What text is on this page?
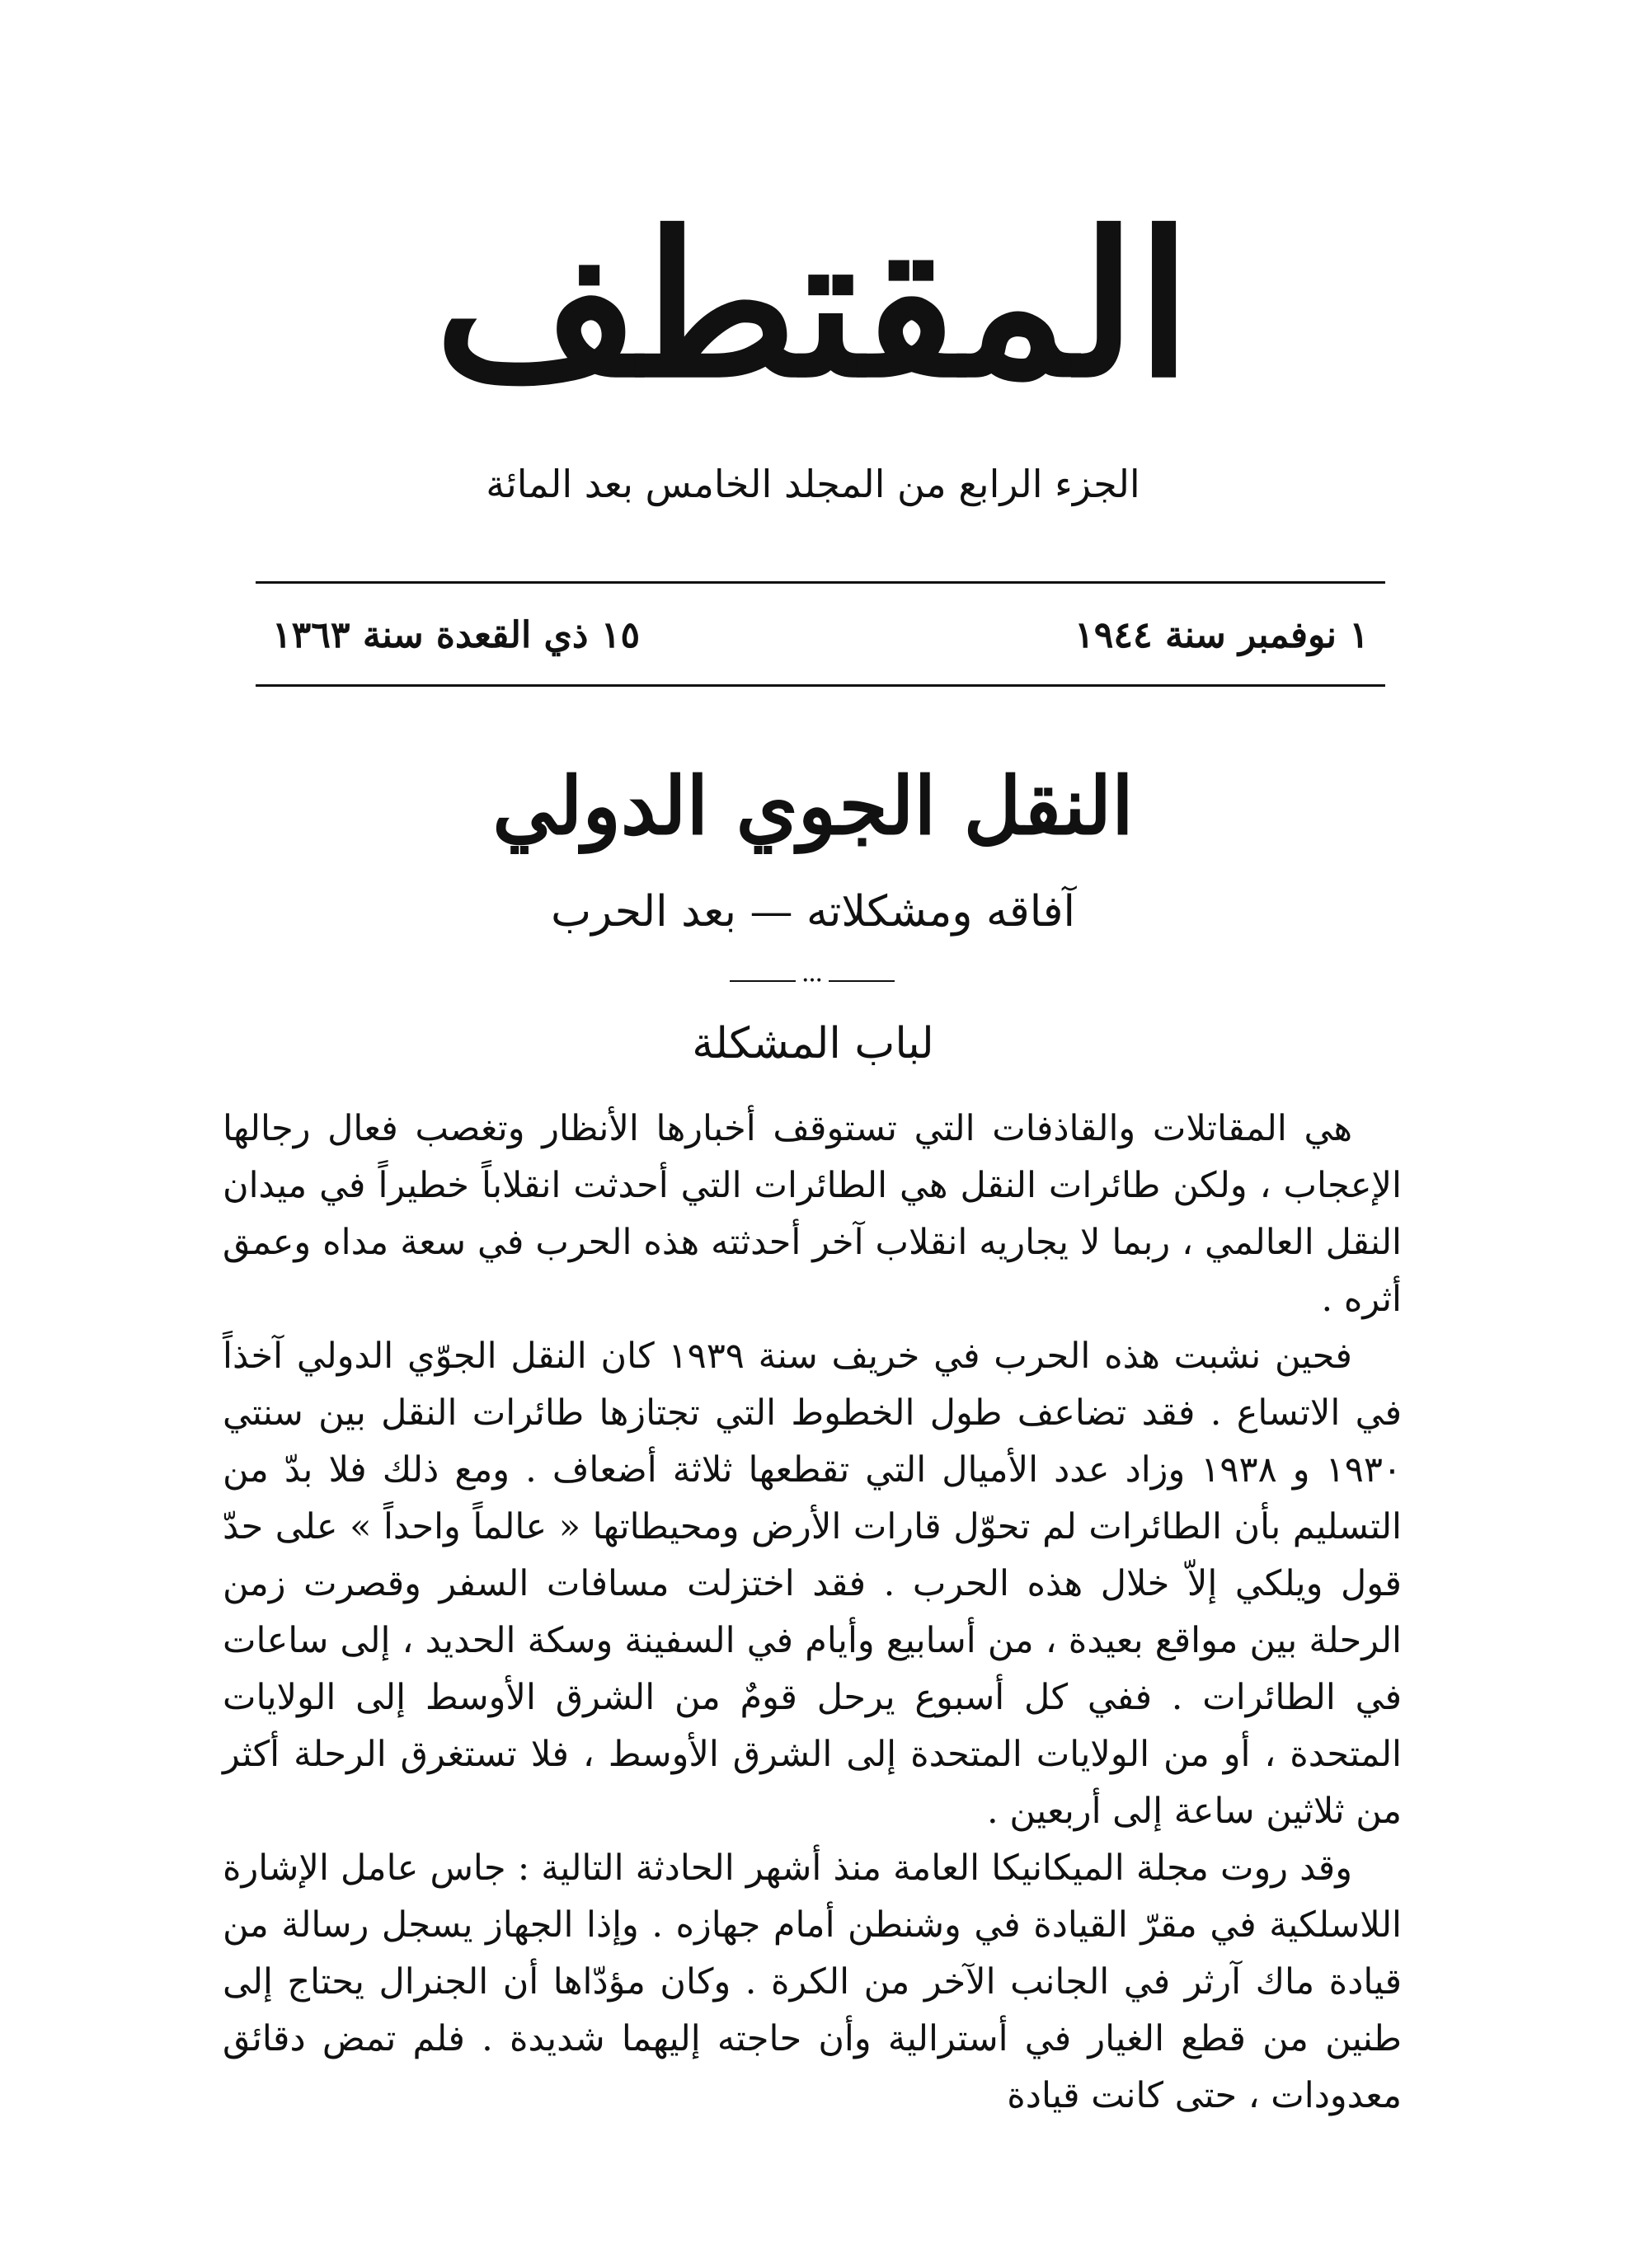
المقتطف
الجزء الرابع من المجلد الخامس بعد المائة
١ نوفمبر سنة ١٩٤٤
١٥ ذي القعدة سنة ١٣٦٣
النقل الجوي الدولي
آفاقه ومشكلاته — بعد الحرب
•••
لباب المشكلة

هي المقاتلات والقاذفات التي تستوقف أخبارها الأنظار وتغصب فعال رجالها الإعجاب ، ولكن طائرات النقل هي الطائرات التي أحدثت انقلاباً خطيراً في ميدان النقل العالمي ، ربما لا يجاريه انقلاب آخر أحدثته هذه الحرب في سعة مداه وعمق أثره .

فحين نشبت هذه الحرب في خريف سنة ١٩٣٩ كان النقل الجوّي الدولي آخذاً في الاتساع . فقد تضاعف طول الخطوط التي تجتازها طائرات النقل بين سنتي ١٩٣٠ و ١٩٣٨ وزاد عدد الأميال التي تقطعها ثلاثة أضعاف . ومع ذلك فلا بدّ من التسليم بأن الطائرات لم تحوّل قارات الأرض ومحيطاتها « عالماً واحداً » على حدّ قول ويلكي إلاّ خلال هذه الحرب . فقد اختزلت مسافات السفر وقصرت زمن الرحلة بين مواقع بعيدة ، من أسابيع وأيام في السفينة وسكة الحديد ، إلى ساعات في الطائرات . ففي كل أسبوع يرحل قومٌ من الشرق الأوسط إلى الولايات المتحدة ، أو من الولايات المتحدة إلى الشرق الأوسط ، فلا تستغرق الرحلة أكثر من ثلاثين ساعة إلى أربعين .

وقد روت مجلة الميكانيكا العامة منذ أشهر الحادثة التالية : جاس عامل الإشارة اللاسلكية في مقرّ القيادة في وشنطن أمام جهازه . وإذا الجهاز يسجل رسالة من قيادة ماك آرثر في الجانب الآخر من الكرة . وكان مؤدّاها أن الجنرال يحتاج إلى طنين من قطع الغيار في أسترالية وأن حاجته إليهما شديدة . فلم تمض دقائق معدودات ، حتى كانت قيادة
